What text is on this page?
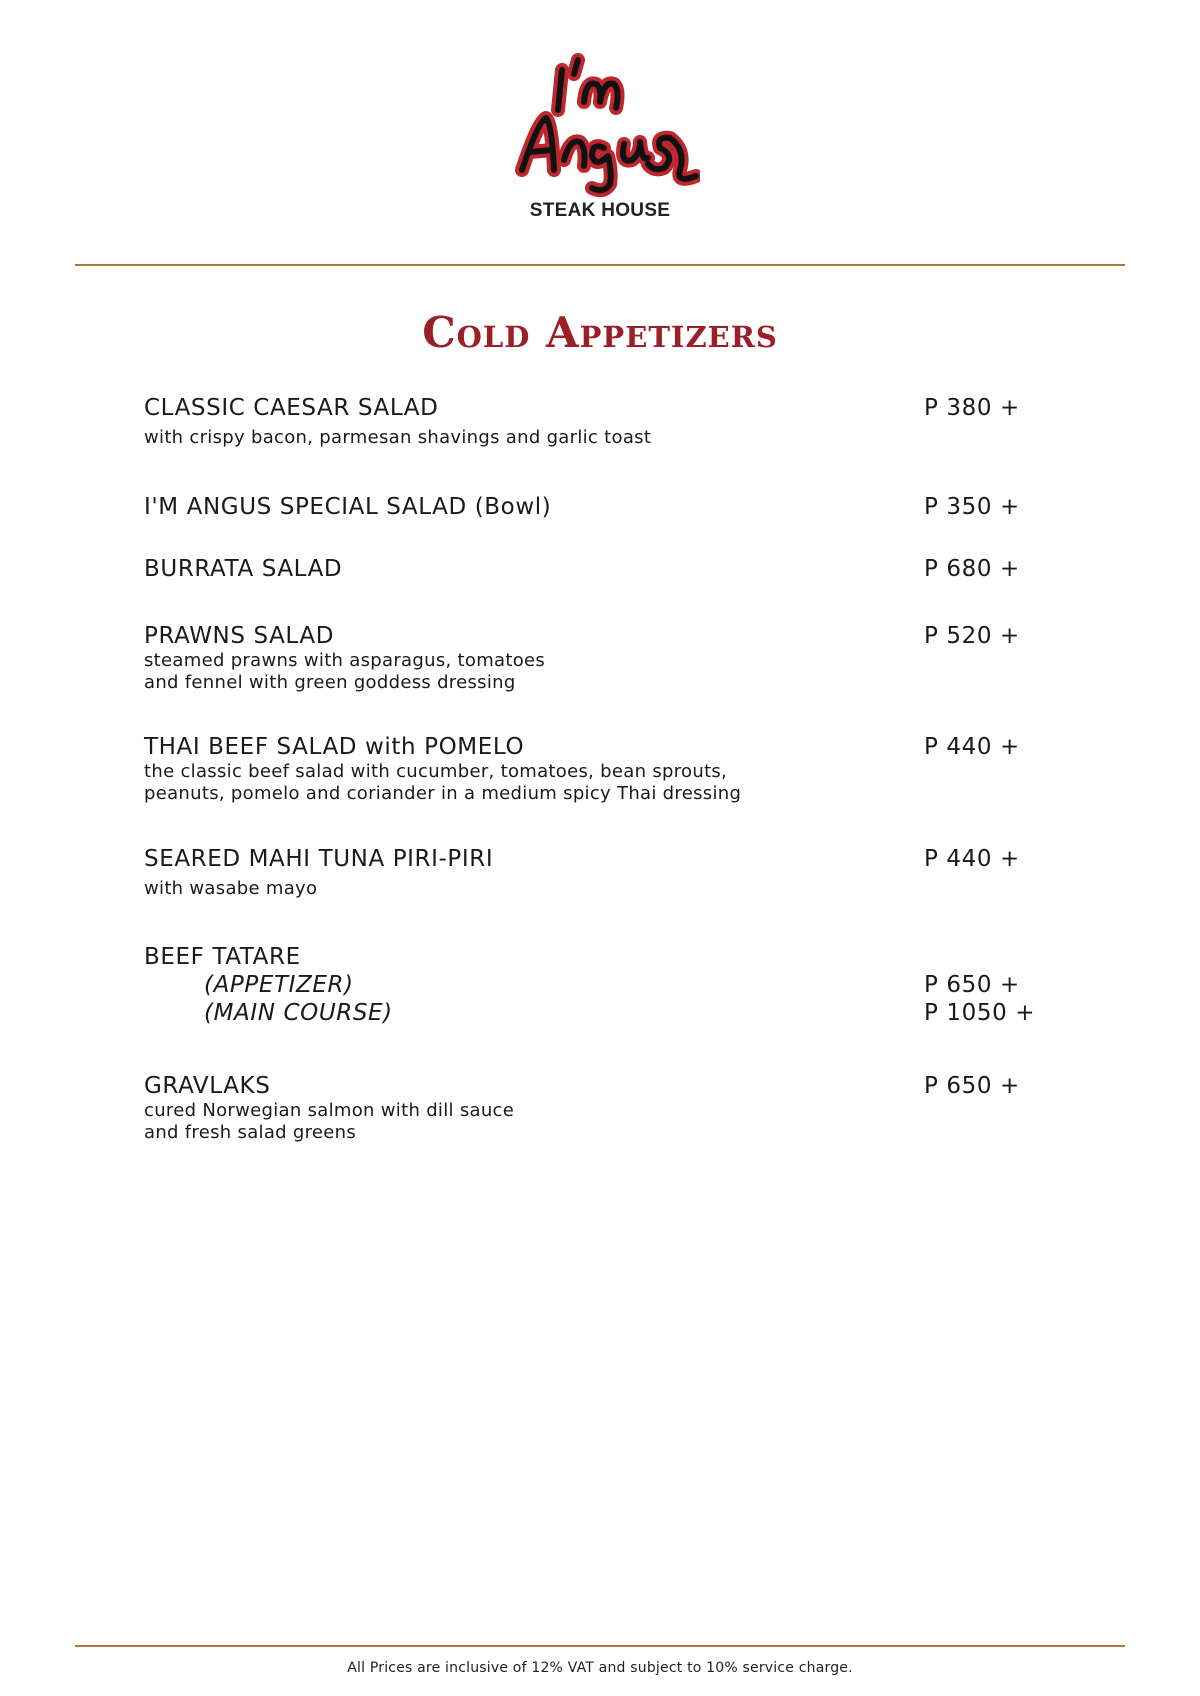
STEAK HOUSE
Cold Appetizers
CLASSIC CAESAR SALAD	P 380 +
with crispy bacon, parmesan shavings and garlic toast
I'M ANGUS SPECIAL SALAD (Bowl)	P 350 +
BURRATA SALAD	P 680 +
PRAWNS SALAD	P 520 +
steamed prawns with asparagus, tomatoes
and fennel with green goddess dressing
THAI BEEF SALAD with POMELO	P 440 +
the classic beef salad with cucumber, tomatoes, bean sprouts,
peanuts, pomelo and coriander in a medium spicy Thai dressing
SEARED MAHI TUNA PIRI-PIRI	P 440 +
with wasabe mayo
BEEF TATARE
(APPETIZER)	P 650 +
(MAIN COURSE)	P 1050 +
GRAVLAKS	P 650 +
cured Norwegian salmon with dill sauce
and fresh salad greens
All Prices are inclusive of 12% VAT and subject to 10% service charge.
